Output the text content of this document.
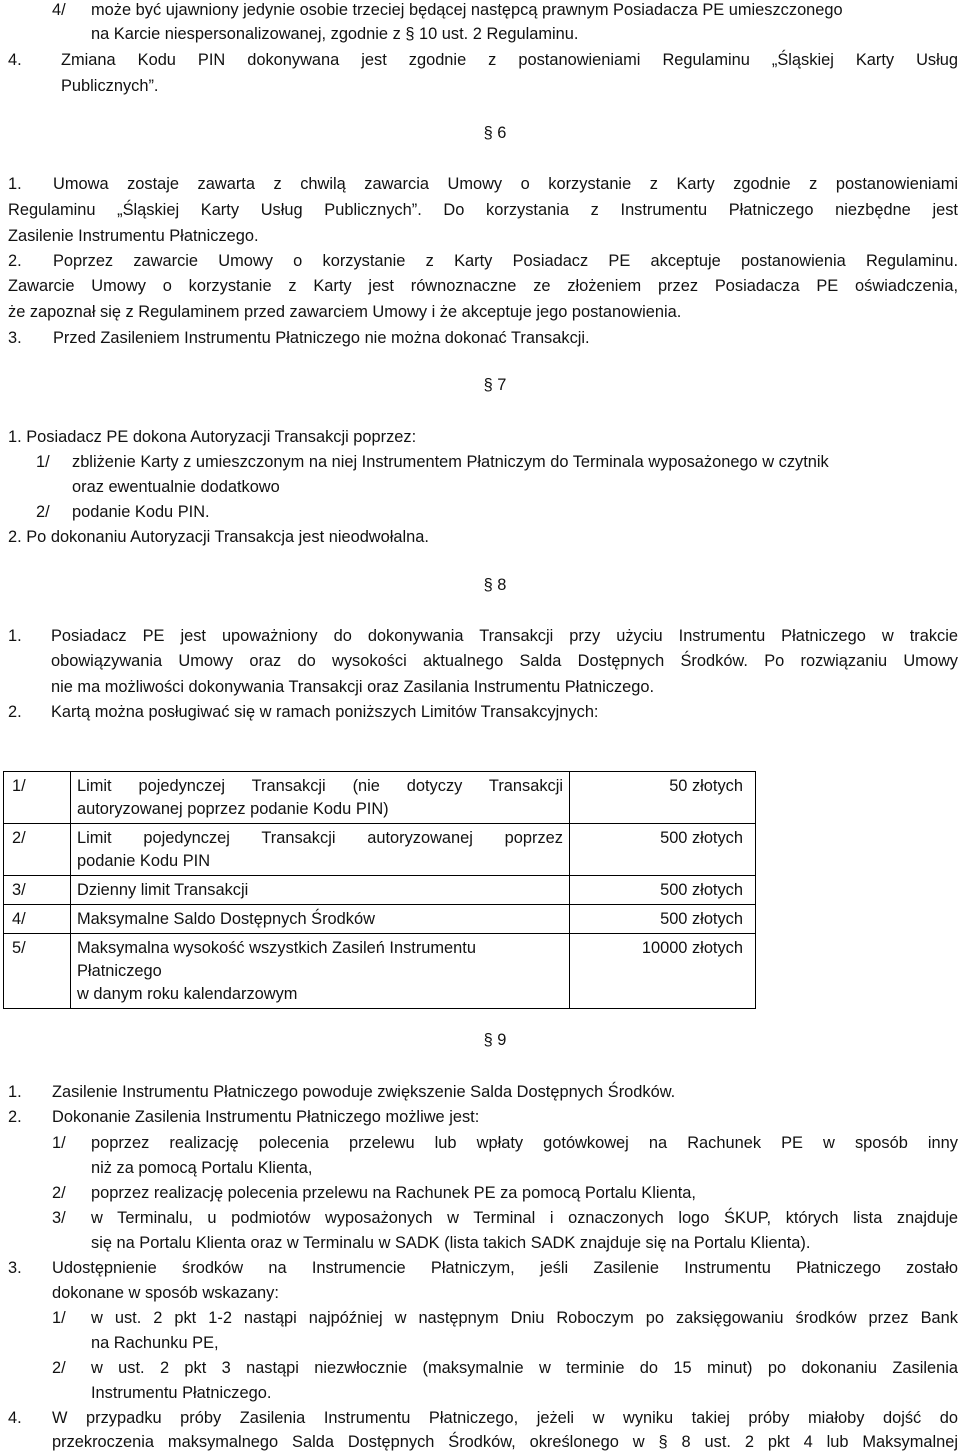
4/ może być ujawniony jedynie osobie trzeciej będącej następcą prawnym Posiadacza PE umieszczonego
na Karcie niespersonalizowanej, zgodnie z § 10 ust. 2 Regulaminu.
4. Zmiana Kodu PIN dokonywana jest zgodnie z postanowieniami Regulaminu „Śląskiej Karty Usług
Publicznych”.
§ 6
1. Umowa zostaje zawarta z chwilą zawarcia Umowy o korzystanie z Karty zgodnie z postanowieniami
Regulaminu „Śląskiej Karty Usług Publicznych”. Do korzystania z Instrumentu Płatniczego niezbędne jest
Zasilenie Instrumentu Płatniczego.
2. Poprzez zawarcie Umowy o korzystanie z Karty Posiadacz PE akceptuje postanowienia Regulaminu.
Zawarcie Umowy o korzystanie z Karty jest równoznaczne ze złożeniem przez Posiadacza PE oświadczenia,
że zapoznał się z Regulaminem przed zawarciem Umowy i że akceptuje jego postanowienia.
3. Przed Zasileniem Instrumentu Płatniczego nie można dokonać Transakcji.
§ 7
1. Posiadacz PE dokona Autoryzacji Transakcji poprzez:
1/ zbliżenie Karty z umieszczonym na niej Instrumentem Płatniczym do Terminala wyposażonego w czytnik
oraz ewentualnie dodatkowo
2/ podanie Kodu PIN.
2. Po dokonaniu Autoryzacji Transakcja jest nieodwołalna.
§ 8
1. Posiadacz PE jest upoważniony do dokonywania Transakcji przy użyciu Instrumentu Płatniczego w trakcie
obowiązywania Umowy oraz do wysokości aktualnego Salda Dostępnych Środków. Po rozwiązaniu Umowy
nie ma możliwości dokonywania Transakcji oraz Zasilania Instrumentu Płatniczego.
2. Kartą można posługiwać się w ramach poniższych Limitów Transakcyjnych:
1/	Limit pojedynczej Transakcji (nie dotyczy Transakcji
autoryzowanej poprzez podanie Kodu PIN)	50 złotych
2/	Limit pojedynczej Transakcji autoryzowanej poprzez
podanie Kodu PIN	500 złotych
3/	Dzienny limit Transakcji	500 złotych
4/	Maksymalne Saldo Dostępnych Środków	500 złotych
5/	Maksymalna wysokość wszystkich Zasileń Instrumentu
Płatniczego
w danym roku kalendarzowym	10000 złotych
§ 9
1. Zasilenie Instrumentu Płatniczego powoduje zwiększenie Salda Dostępnych Środków.
2. Dokonanie Zasilenia Instrumentu Płatniczego możliwe jest:
1/ poprzez realizację polecenia przelewu lub wpłaty gotówkowej na Rachunek PE w sposób inny
niż za pomocą Portalu Klienta,
2/ poprzez realizację polecenia przelewu na Rachunek PE za pomocą Portalu Klienta,
3/ w Terminalu, u podmiotów wyposażonych w Terminal i oznaczonych logo ŚKUP, których lista znajduje
się na Portalu Klienta oraz w Terminalu w SADK (lista takich SADK znajduje się na Portalu Klienta).
3. Udostępnienie środków na Instrumencie Płatniczym, jeśli Zasilenie Instrumentu Płatniczego zostało
dokonane w sposób wskazany:
1/ w ust. 2 pkt 1-2 nastąpi najpóźniej w następnym Dniu Roboczym po zaksięgowaniu środków przez Bank
na Rachunku PE,
2/ w ust. 2 pkt 3 nastąpi niezwłocznie (maksymalnie w terminie do 15 minut) po dokonaniu Zasilenia
Instrumentu Płatniczego.
4. W przypadku próby Zasilenia Instrumentu Płatniczego, jeżeli w wyniku takiej próby miałoby dojść do
przekroczenia maksymalnego Salda Dostępnych Środków, określonego w § 8 ust. 2 pkt 4 lub Maksymalnej
